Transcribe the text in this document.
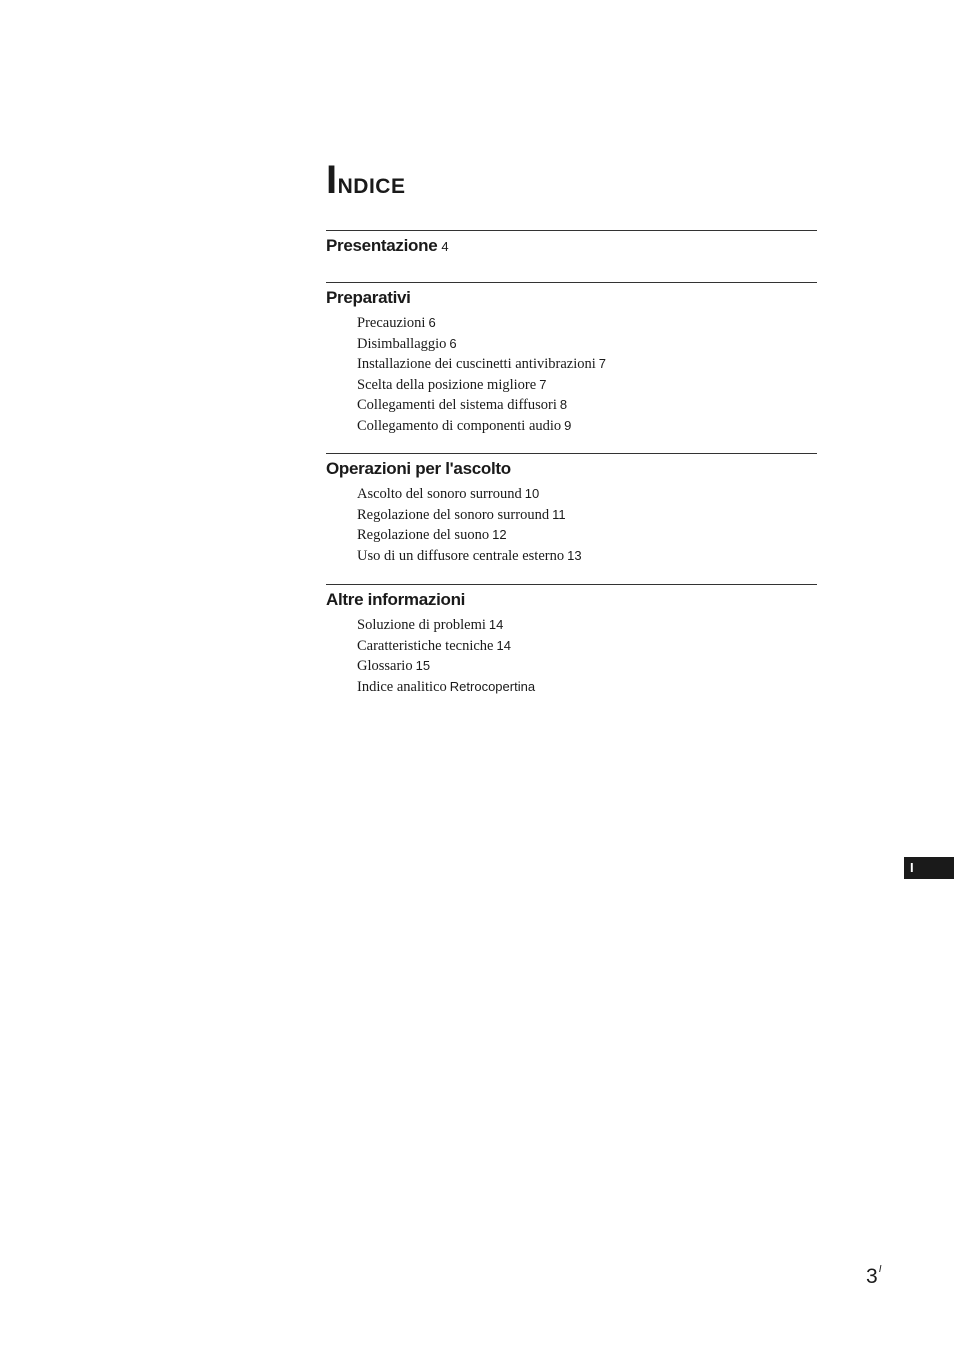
Indice
Presentazione 4
Preparativi
Precauzioni 6
Disimballaggio 6
Installazione dei cuscinetti antivibrazioni 7
Scelta della posizione migliore 7
Collegamenti del sistema diffusori 8
Collegamento di componenti audio 9
Operazioni per l'ascolto
Ascolto del sonoro surround 10
Regolazione del sonoro surround 11
Regolazione del suono 12
Uso di un diffusore centrale esterno 13
Altre informazioni
Soluzione di problemi 14
Caratteristiche tecniche 14
Glossario 15
Indice analitico Retrocopertina
I
$3^I$
